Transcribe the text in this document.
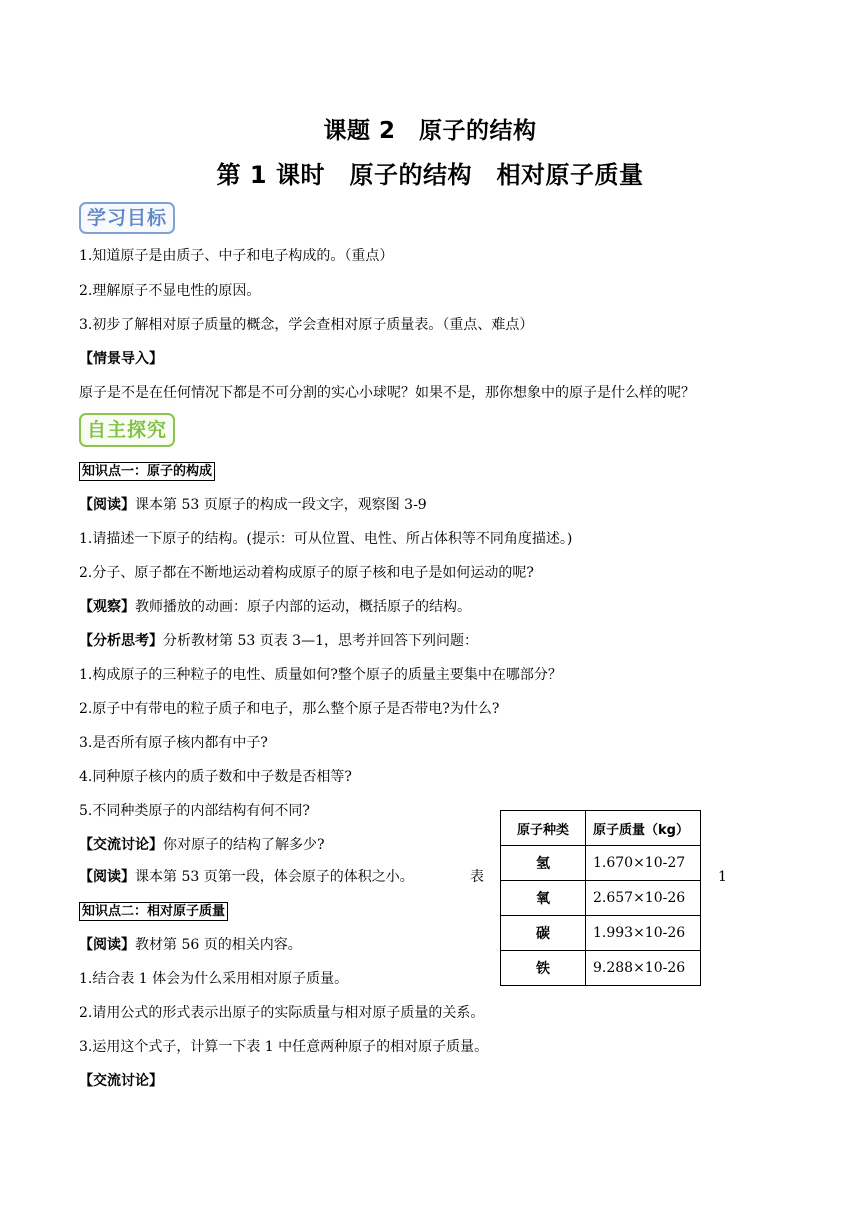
课题 2　原子的结构
第 1 课时　原子的结构　相对原子质量
学习目标
1.知道原子是由质子、中子和电子构成的。（重点）
2.理解原子不显电性的原因。
3.初步了解相对原子质量的概念，学会查相对原子质量表。（重点、难点）
【情景导入】
原子是不是在任何情况下都是不可分割的实心小球呢？如果不是，那你想象中的原子是什么样的呢？
自主探究
知识点一：原子的构成
【阅读】课本第 53 页原子的构成一段文字，观察图 3-9
1.请描述一下原子的结构。(提示：可从位置、电性、所占体积等不同角度描述。)
2.分子、原子都在不断地运动着构成原子的原子核和电子是如何运动的呢?
【观察】教师播放的动画：原子内部的运动，概括原子的结构。
【分析思考】分析教材第 53 页表 3—1，思考并回答下列问题：
1.构成原子的三种粒子的电性、质量如何?整个原子的质量主要集中在哪部分？
2.原子中有带电的粒子质子和电子，那么整个原子是否带电?为什么?
3.是否所有原子核内都有中子?
4.同种原子核内的质子数和中子数是否相等?
5.不同种类原子的内部结构有何不同?
【交流讨论】你对原子的结构了解多少?
【阅读】课本第 53 页第一段，体会原子的体积之小。	表	1
知识点二：相对原子质量
【阅读】教材第 56 页的相关内容。
1.结合表 1 体会为什么采用相对原子质量。
2.请用公式的形式表示出原子的实际质量与相对原子质量的关系。
3.运用这个式子，计算一下表 1 中任意两种原子的相对原子质量。
【交流讨论】
原子种类	原子质量（kg）
氢	1.670×10-27
氧	2.657×10-26
碳	1.993×10-26
铁	9.288×10-26
